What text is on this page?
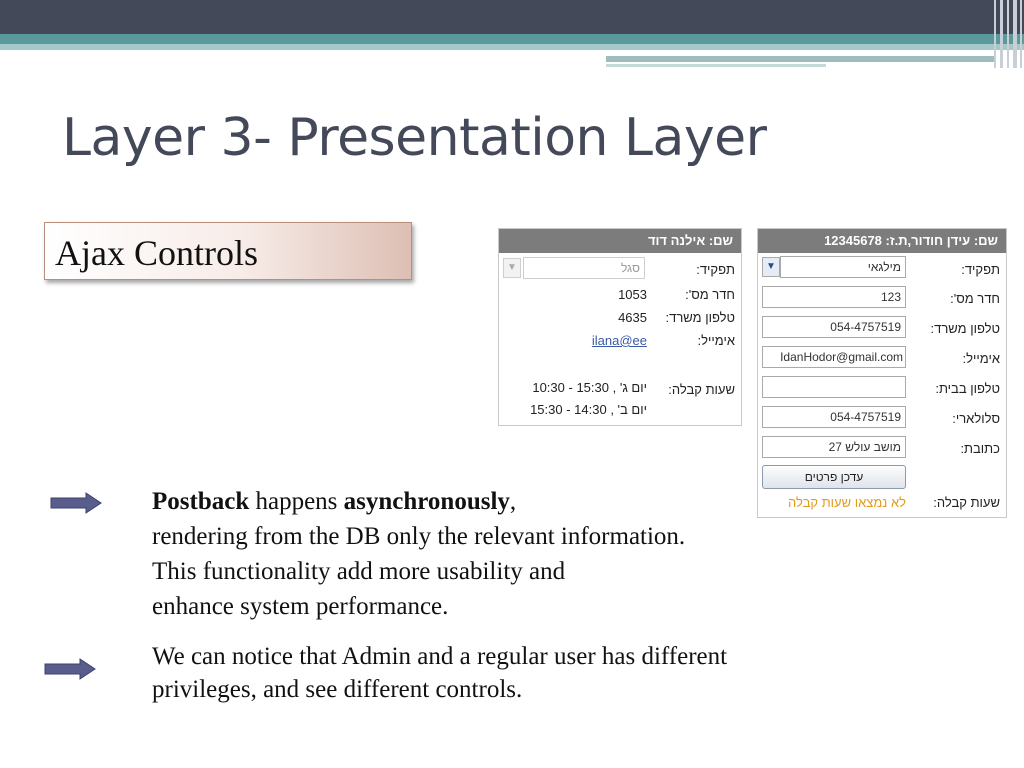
Layer 3- Presentation Layer
Ajax Controls	שם: אילנה דוד
תפקיד:
סגל
▼
חדר מס':
1053
טלפון משרד:
4635
אימייל:
ilana@ee
שעות קבלה:
יום ג' , 15:30 - 10:30
יום ב' , 14:30 - 15:30
שם: עידן חודור,ת.ז: 12345678
תפקיד:
מילגאי
▼
חדר מס':
123
טלפון משרד:
054-4757519
אימייל:
IdanHodor@gmail.com
טלפון בבית:
סלולארי:
054-4757519
כתובת:
מושב עולש 27
עדכן פרטים
שעות קבלה:
לא נמצאו שעות קבלה
Postback happens asynchronously,
rendering from the DB only the relevant information.
This functionality add more usability and
enhance system performance.
We can notice that Admin and a regular user has different
privileges, and see different controls.
